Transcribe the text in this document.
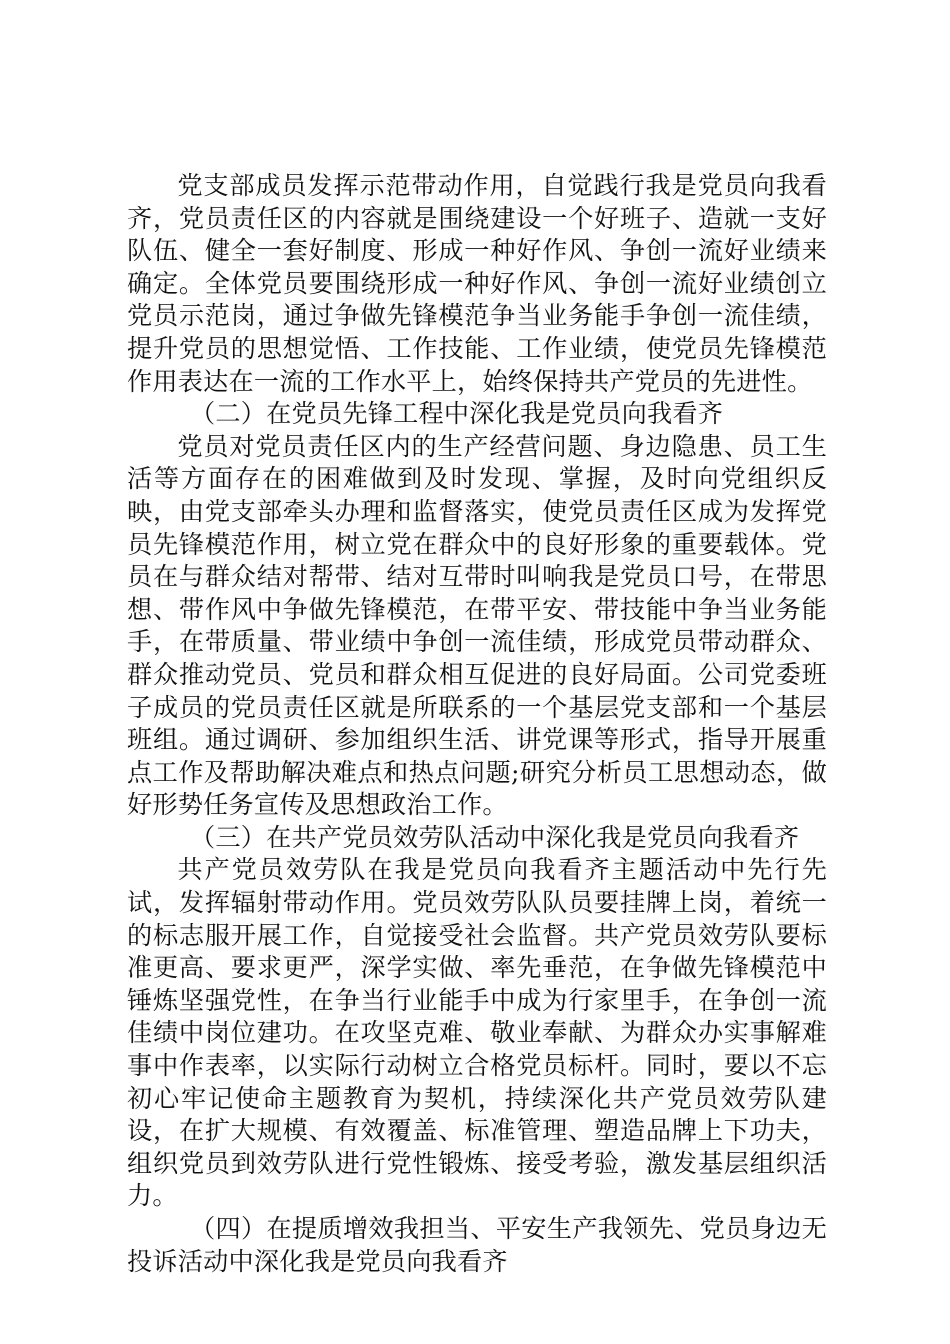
党支部成员发挥示范带动作用，自觉践行我是党员向我看齐，党员责任区的内容就是围绕建设一个好班子、造就一支好队伍、健全一套好制度、形成一种好作风、争创一流好业绩来确定。全体党员要围绕形成一种好作风、争创一流好业绩创立党员示范岗，通过争做先锋模范争当业务能手争创一流佳绩，提升党员的思想觉悟、工作技能、工作业绩，使党员先锋模范作用表达在一流的工作水平上，始终保持共产党员的先进性。

（二）在党员先锋工程中深化我是党员向我看齐

党员对党员责任区内的生产经营问题、身边隐患、员工生活等方面存在的困难做到及时发现、掌握，及时向党组织反映，由党支部牵头办理和监督落实，使党员责任区成为发挥党员先锋模范作用，树立党在群众中的良好形象的重要载体。党员在与群众结对帮带、结对互带时叫响我是党员口号，在带思想、带作风中争做先锋模范，在带平安、带技能中争当业务能手，在带质量、带业绩中争创一流佳绩，形成党员带动群众、群众推动党员、党员和群众相互促进的良好局面。公司党委班子成员的党员责任区就是所联系的一个基层党支部和一个基层班组。通过调研、参加组织生活、讲党课等形式，指导开展重点工作及帮助解决难点和热点问题;研究分析员工思想动态，做好形势任务宣传及思想政治工作。

（三）在共产党员效劳队活动中深化我是党员向我看齐

共产党员效劳队在我是党员向我看齐主题活动中先行先试，发挥辐射带动作用。党员效劳队队员要挂牌上岗，着统一的标志服开展工作，自觉接受社会监督。共产党员效劳队要标准更高、要求更严，深学实做、率先垂范，在争做先锋模范中锤炼坚强党性，在争当行业能手中成为行家里手，在争创一流佳绩中岗位建功。在攻坚克难、敬业奉献、为群众办实事解难事中作表率，以实际行动树立合格党员标杆。同时，要以不忘初心牢记使命主题教育为契机，持续深化共产党员效劳队建设，在扩大规模、有效覆盖、标准管理、塑造品牌上下功夫，组织党员到效劳队进行党性锻炼、接受考验，激发基层组织活力。

（四）在提质增效我担当、平安生产我领先、党员身边无投诉活动中深化我是党员向我看齐
